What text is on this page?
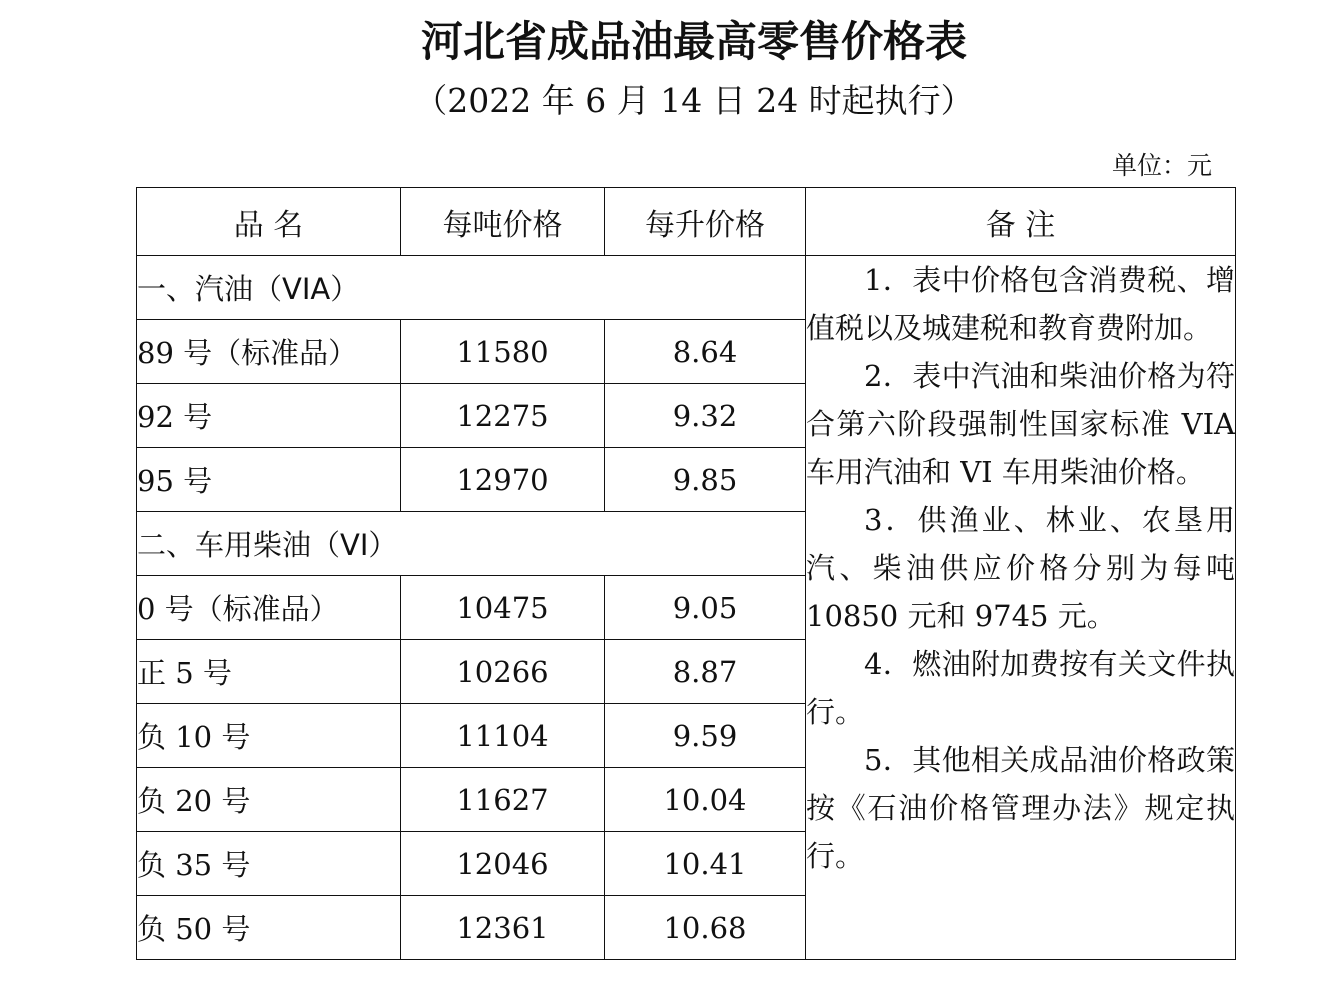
河北省成品油最高零售价格表
（2022 年 6 月 14 日 24 时起执行）
单位：元
品 名	每吨价格	每升价格	备 注
一、汽油（VIA）			1．表中价格包含消费税、增值税以及城建税和教育费附加。

2．表中汽油和柴油价格为符合第六阶段强制性国家标准 VIA 车用汽油和 VI 车用柴油价格。

3．供渔业、林业、农垦用汽、柴油供应价格分别为每吨 10850 元和 9745 元。

4．燃油附加费按有关文件执行。

5．其他相关成品油价格政策按《石油价格管理办法》规定执行。

89 号（标准品）	11580	8.64	
92 号	12275	9.32	
95 号	12970	9.85	
二、车用柴油（VI）			
0 号（标准品）	10475	9.05	
正 5 号	10266	8.87	
负 10 号	11104	9.59	
负 20 号	11627	10.04	
负 35 号	12046	10.41	
负 50 号	12361	10.68	
